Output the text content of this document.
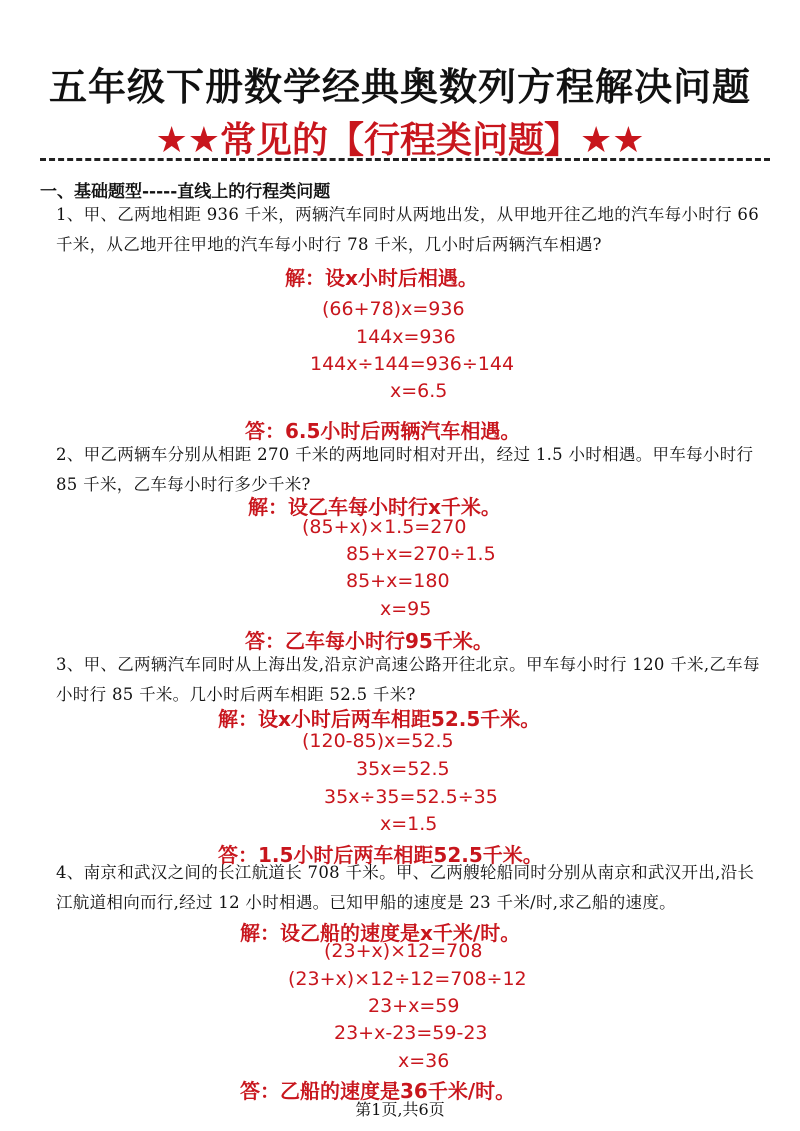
五年级下册数学经典奥数列方程解决问题
★★常见的【行程类问题】★★
一、基础题型-----直线上的行程类问题
1、甲、乙两地相距 936 千米，两辆汽车同时从两地出发，从甲地开往乙地的汽车每小时行 66 千米，从乙地开往甲地的汽车每小时行 78 千米，几小时后两辆汽车相遇?
解：设x小时后相遇。
(66+78)x=936
144x=936
144x÷144=936÷144
x=6.5
答：6.5小时后两辆汽车相遇。
2、甲乙两辆车分别从相距 270 千米的两地同时相对开出，经过 1.5 小时相遇。甲车每小时行 85 千米，乙车每小时行多少千米?
解：设乙车每小时行x千米。
(85+x)×1.5=270
85+x=270÷1.5
85+x=180
x=95
答：乙车每小时行95千米。
3、甲、乙两辆汽车同时从上海出发,沿京沪高速公路开往北京。甲车每小时行 120 千米,乙车每小时行 85 千米。几小时后两车相距 52.5 千米?
解：设x小时后两车相距52.5千米。
(120-85)x=52.5
35x=52.5
35x÷35=52.5÷35
x=1.5
答：1.5小时后两车相距52.5千米。
4、南京和武汉之间的长江航道长 708 千米。甲、乙两艘轮船同时分别从南京和武汉开出,沿长江航道相向而行,经过 12 小时相遇。已知甲船的速度是 23 千米/时,求乙船的速度。
解：设乙船的速度是x千米/时。
(23+x)×12=708
(23+x)×12÷12=708÷12
23+x=59
23+x-23=59-23
x=36
答：乙船的速度是36千米/时。
第1页,共6页
